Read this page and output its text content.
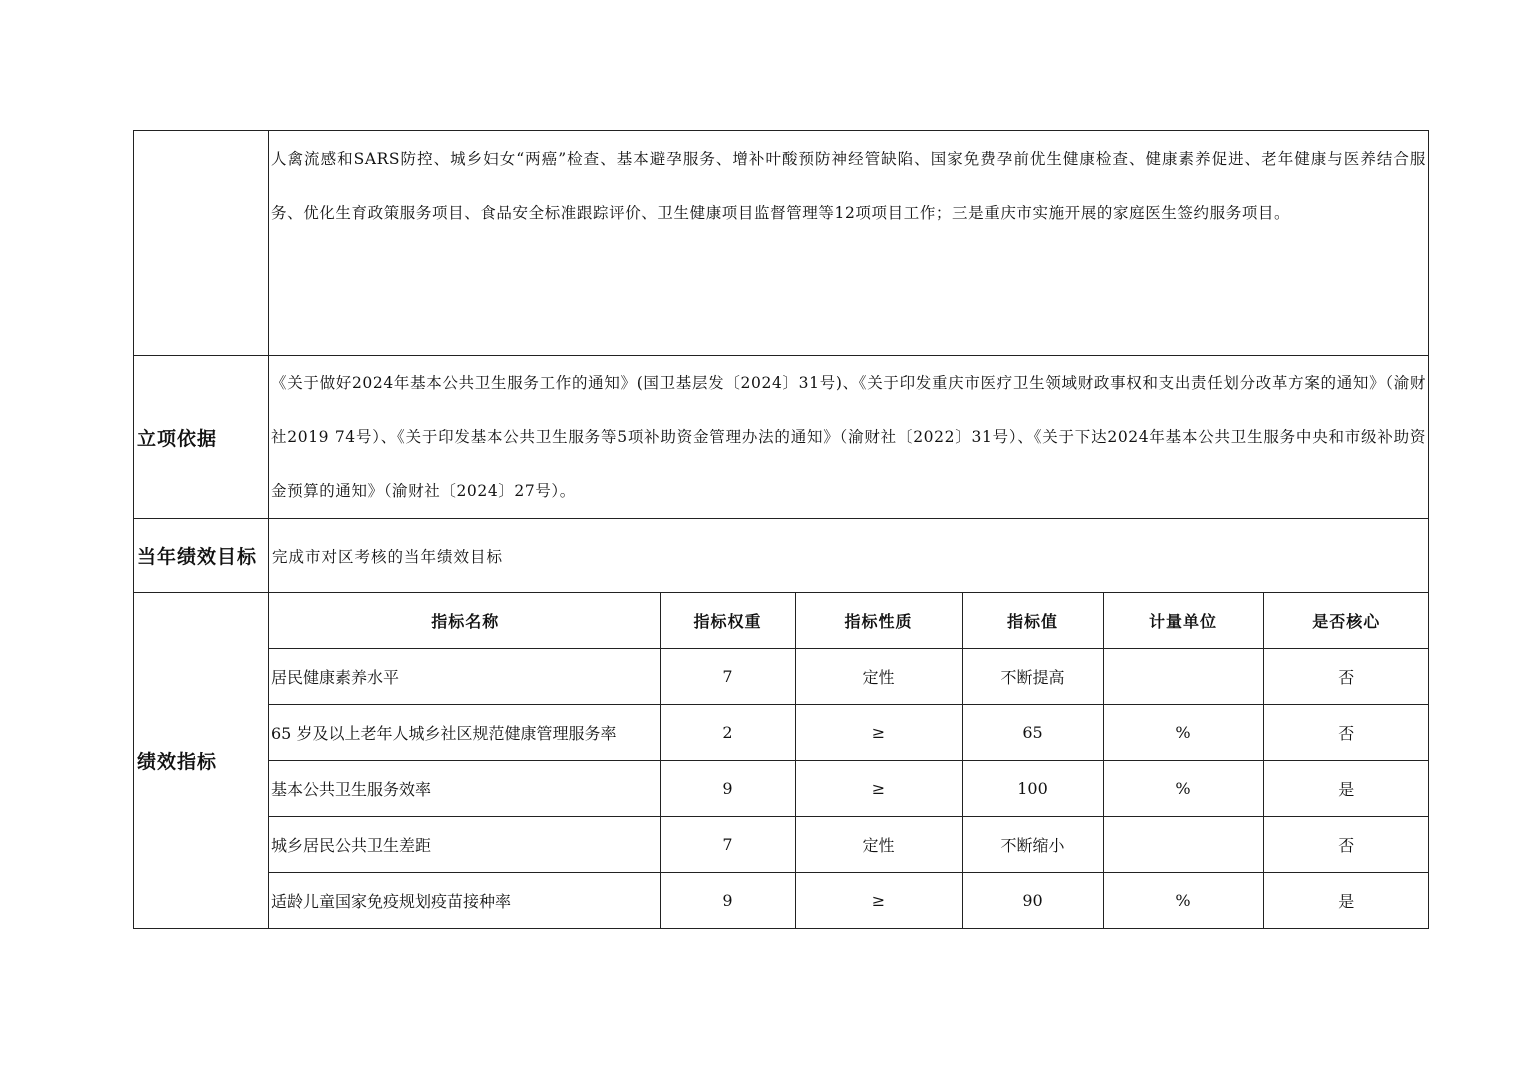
	人禽流感和SARS防控、城乡妇女“两癌”检查、基本避孕服务、增补叶酸预防神经管缺陷、国家免费孕前优生健康检查、健康素养促进、老年健康与医养结合服务、优化生育政策服务项目、食品安全标准跟踪评价、卫生健康项目监督管理等12项项目工作；三是重庆市实施开展的家庭医生签约服务项目。
立项依据	《关于做好2024年基本公共卫生服务工作的通知》(国卫基层发〔2024〕31号)、《关于印发重庆市医疗卫生领域财政事权和支出责任划分改革方案的通知》（渝财社2019 74号）、《关于印发基本公共卫生服务等5项补助资金管理办法的通知》（渝财社〔2022〕31号）、《关于下达2024年基本公共卫生服务中央和市级补助资金预算的通知》（渝财社〔2024〕27号）。
当年绩效目标	完成市对区考核的当年绩效目标
绩效指标	
指标名称	指标权重	指标性质	指标值	计量单位	是否核心
居民健康素养水平	7	定性	不断提高		否
65 岁及以上老年人城乡社区规范健康管理服务率	2	≥	65	%	否
基本公共卫生服务效率	9	≥	100	%	是
城乡居民公共卫生差距	7	定性	不断缩小		否
适龄儿童国家免疫规划疫苗接种率	9	≥	90	%	是
